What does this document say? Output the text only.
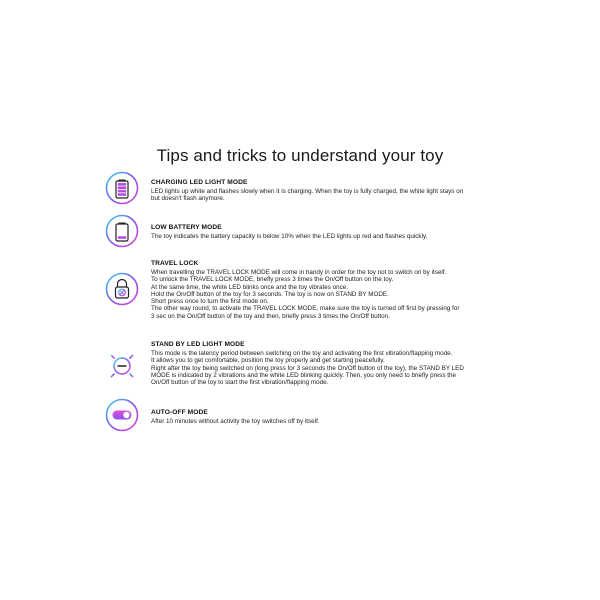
Tips and tricks to understand your toy
CHARGING LED LIGHT MODE
LED lights up white and flashes slowly when it is charging. When the toy is fully charged, the white light stays on
but doesn't flash anymore.
LOW BATTERY MODE
The toy indicates the battery capacity is below 10% when the LED lights up red and flashes quickly.
TRAVEL LOCK
When travelling the TRAVEL LOCK MODE will come in handy in order for the toy not to switch on by itself.
To unlock the TRAVEL LOCK MODE, briefly press 3 times the On/Off button on the toy.
At the same time, the white LED blinks once and the toy vibrates once.
Hold the On/Off button of the toy for 3 seconds. The toy is now on STAND BY MODE.
Short press once to turn the first mode on.
The other way round, to activate the TRAVEL LOCK MODE, make sure the toy is turned off first by pressing for
3 sec on the On/Off button of the toy and then, briefly press 3 times the On/Off button.
STAND BY LED LIGHT MODE
This mode is the latency period between switching on the toy and activating the first vibration/flapping mode.
It allows you to get comfortable, position the toy properly and get starting peacefully.
Right after the toy being switched on (long press for 3 seconds the On/Off button of the toy), the STAND BY LED
MODE is indicated by 2 vibrations and the white LED blinking quickly. Then, you only need to briefly press the
On/Off button of the toy to start the first vibration/flapping mode.
AUTO-OFF MODE
After 10 minutes without activity the toy switches off by itself.
